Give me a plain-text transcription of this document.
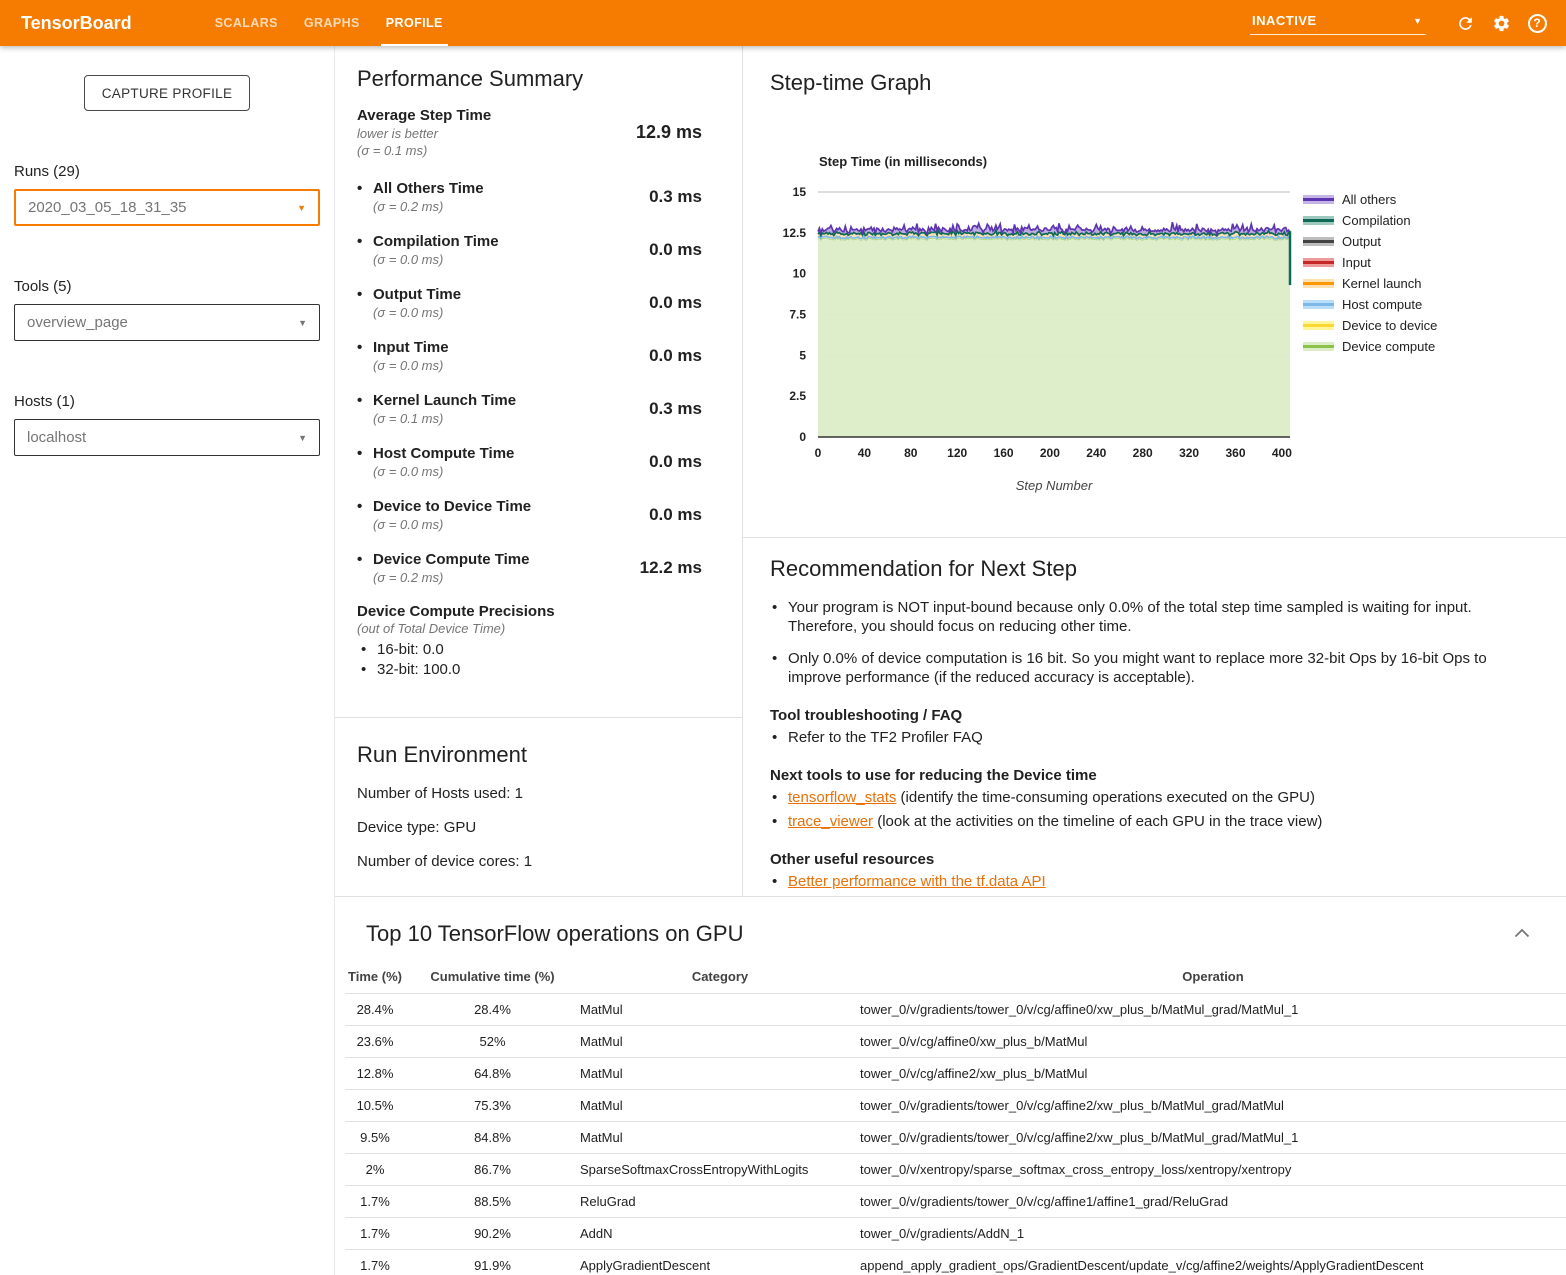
TensorBoard	SCALARS	GRAPHS	PROFILE	INACTIVE	▼	?
CAPTURE PROFILE
Runs (29)
2020_03_05_18_31_35	▼
Tools (5)
overview_page	▼
Hosts (1)
localhost	▼
Performance Summary
Average Step Time
lower is better
(σ = 0.1 ms)
12.9 ms
• All Others Time
(σ = 0.2 ms)
0.3 ms
• Compilation Time
(σ = 0.0 ms)
0.0 ms
• Output Time
(σ = 0.0 ms)
0.0 ms
• Input Time
(σ = 0.0 ms)
0.0 ms
• Kernel Launch Time
(σ = 0.1 ms)
0.3 ms
• Host Compute Time
(σ = 0.0 ms)
0.0 ms
• Device to Device Time
(σ = 0.0 ms)
0.0 ms
• Device Compute Time
(σ = 0.2 ms)
12.2 ms
Device Compute Precisions
(out of Total Device Time)
• 16-bit: 0.0
• 32-bit: 100.0
Run Environment

Number of Hosts used: 1

Device type: GPU

Number of device cores: 1

Step-time Graph
Step Time (in milliseconds)
0
2.5
5
7.5
10
12.5
15
0	40	80 120 160 200 240 280 320 360 400
Step Number
All others
Compilation
Output
Input
Kernel launch
Host compute
Device to device
Device compute
Recommendation for Next Step
• Your program is NOT input-bound because only 0.0% of the total step time sampled is waiting for input. Therefore, you should focus on reducing other time.
• Only 0.0% of device computation is 16 bit. So you might want to replace more 32-bit Ops by 16-bit Ops to improve performance (if the reduced accuracy is acceptable).
Tool troubleshooting / FAQ
• Refer to the TF2 Profiler FAQ
Next tools to use for reducing the Device time
• tensorflow_stats (identify the time-consuming operations executed on the GPU)
• trace_viewer (look at the activities on the timeline of each GPU in the trace view)
Other useful resources
• Better performance with the tf.data API
Top 10 TensorFlow operations on GPU
Time (%)	Cumulative time (%)	Category	Operation
28.4%	28.4%	MatMul	tower_0/v/gradients/tower_0/v/cg/affine0/xw_plus_b/MatMul_grad/MatMul_1
23.6%	52%	MatMul	tower_0/v/cg/affine0/xw_plus_b/MatMul
12.8%	64.8%	MatMul	tower_0/v/cg/affine2/xw_plus_b/MatMul
10.5%	75.3%	MatMul	tower_0/v/gradients/tower_0/v/cg/affine2/xw_plus_b/MatMul_grad/MatMul
9.5%	84.8%	MatMul	tower_0/v/gradients/tower_0/v/cg/affine2/xw_plus_b/MatMul_grad/MatMul_1
2%	86.7%	SparseSoftmaxCrossEntropyWithLogits	tower_0/v/xentropy/sparse_softmax_cross_entropy_loss/xentropy/xentropy
1.7%	88.5%	ReluGrad	tower_0/v/gradients/tower_0/v/cg/affine1/affine1_grad/ReluGrad
1.7%	90.2%	AddN	tower_0/v/gradients/AddN_1
1.7%	91.9%	ApplyGradientDescent	append_apply_gradient_ops/GradientDescent/update_v/cg/affine2/weights/ApplyGradientDescent
